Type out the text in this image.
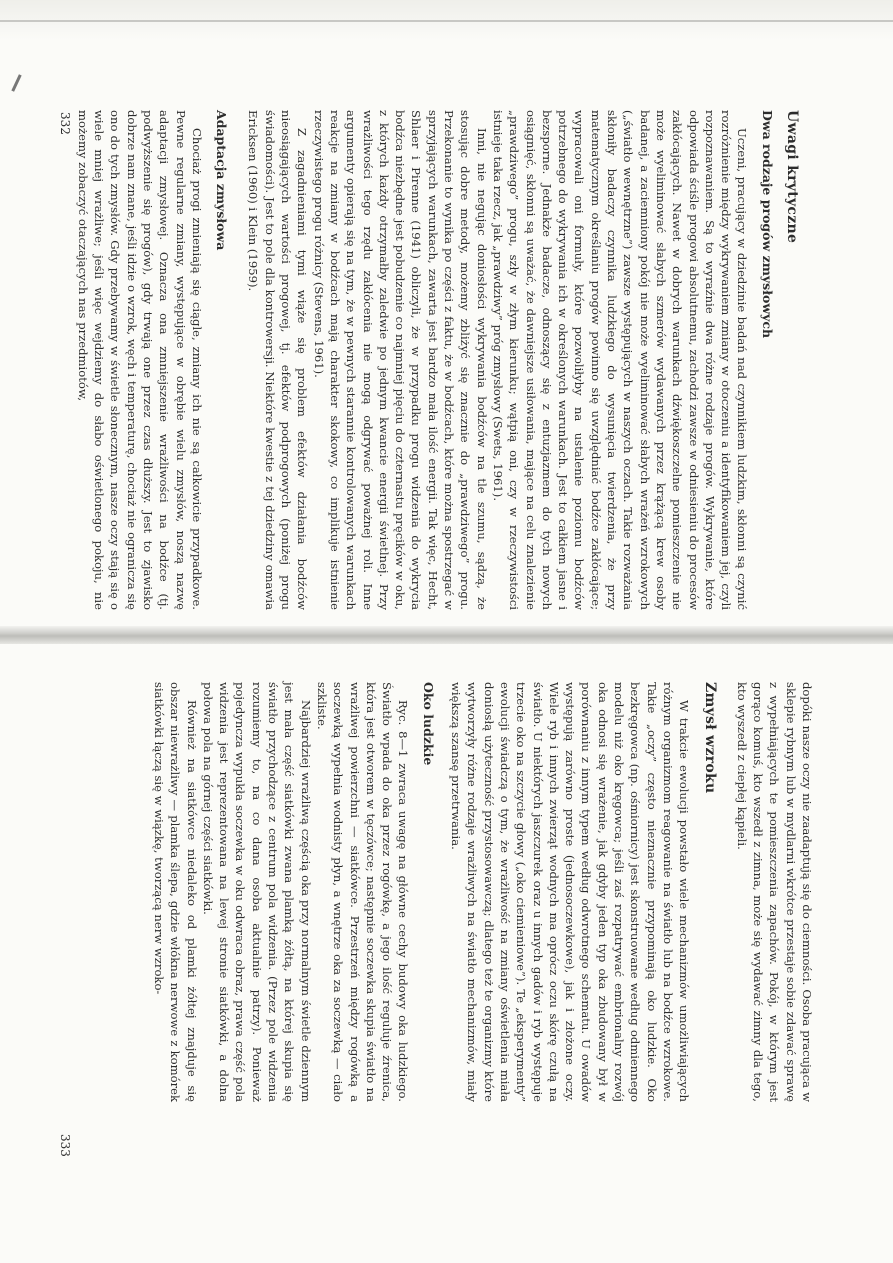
332
333
Uwagi krytyczne
Dwa rodzaje progów zmysłowych

Uczeni, pracujący w dziedzinie badań nad czynnikiem ludzkim, skłonni są czynić rozróżnienie między wykrywaniem zmiany w otoczeniu a identyfikowaniem jej, czyli rozpoznawaniem. Są to wyraźnie dwa różne rodzaje progów. Wykrywanie, które odpowiada ściśle progowi absolutnemu, zachodzi zawsze w odniesieniu do procesów zakłócających. Nawet w dobrych warunkach dźwiękoszczelne pomieszczenie nie może wyeliminować słabych szmerów wydawanych przez krążącą krew osoby badanej, a zaciemniony pokój nie może wyeliminować słabych wrażeń wzrokowych („światło wewnętrzne”) zawsze występujących w naszych oczach. Takie rozważania skłoniły badaczy czynnika ludzkiego do wysunięcia twierdzenia, że przy matematycznym określaniu progów powinno się uwzględniać bodźce zakłócające; wypracowali oni formuły, które pozwoliłyby na ustalenie poziomu bodźców potrzebnego do wykrywania ich w określonych warunkach. Jest to całkiem jasne i bezsporne. Jednakże badacze, odnoszący się z entuzjazmem do tych nowych osiągnięć, skłonni są uważać, że dawniejsze usiłowania, mające na celu znalezienie „prawdziwego” progu, szły w złym kierunku; wątpią oni, czy w rzeczywistości istnieje taka rzecz, jak „prawdziwy” próg zmysłowy (Swets, 1961).

Inni, nie negując doniosłości wykrywania bodźców na tle szumu, sądzą, że stosując dobre metody, możemy zbliżyć się znacznie do „prawdziwego” progu. Przekonanie to wynika po części z faktu, że w bodźcach, które można spostrzegać w sprzyjających warunkach, zawarta jest bardzo mała ilość energii. Tak więc, Hecht, Shlaer i Pirenne (1941) obliczyli, że w przypadku progu widzenia do wykrycia bodźca niezbędne jest pobudzenie co najmniej pięciu do czternastu pręcików w oku, z których każdy otrzymałby zaledwie po jednym kwancie energii świetlnej. Przy wrażliwości tego rzędu zakłócenia nie mogą odgrywać poważnej roli. Inne argumenty opierają się na tym, że w pewnych starannie kontrolowanych warunkach reakcje na zmiany w bodźcach mają charakter skokowy, co implikuje istnienie rzeczywistego progu różnicy (Stevens, 1961).

Z zagadnieniami tymi wiąże się problem efektów działania bodźców nieosiągających wartości progowej, tj. efektów podprogowych (poniżej progu świadomości). Jest to pole dla kontrowersji. Niektóre kwestie z tej dziedziny omawia Ericksen (1960) i Klein (1959).

Adaptacja zmysłowa

Chociaż progi zmieniają się ciągle, zmiany ich nie są całkowicie przypadkowe. Pewne regularne zmiany, występujące w obrębie wielu zmysłów, noszą nazwę adaptacji zmysłowej. Oznacza ona zmniejszenie wrażliwości na bodźce (tj. podwyższenie się progów), gdy trwają one przez czas dłuższy. Jest to zjawisko dobrze nam znane, jeśli idzie o wzrok, węch i temperaturę, chociaż nie ogranicza się ono do tych zmysłów. Gdy przebywamy w świetle słonecznym, nasze oczy stają się o wiele mniej wrażliwe; jeśli więc wejdziemy do słabo oświetlonego pokoju, nie możemy zobaczyć otaczających nas przedmiotów,

dopóki nasze oczy nie zaadaptują się do ciemności. Osoba pracująca w sklepie rybnym lub w mydlarni wkrótce przestaje sobie zdawać sprawę z wypełniających te pomieszczenia zapachów. Pokój, w którym jest gorąco komuś, kto wszedł z zimna, może się wydawać zimny dla tego, kto wyszedł z ciepłej kąpieli.

Zmysł wzroku

W trakcie ewolucji powstało wiele mechanizmów umożliwiających różnym organizmom reagowanie na światło lub na bodźce wzrokowe. Takie „oczy” często nieznacznie przypominają oko ludzkie. Oko bezkręgowca (np. ośmiornicy) jest skonstruowane według odmiennego modelu niż oko kręgowca; jeśli zaś rozpatrywać embrionalny rozwój oka odnosi się wrażenie, jak gdyby jeden typ oka zbudowany był w porównaniu z innym typem według odwrotnego schematu. U owadów występują zarówno proste (jednosoczewkowe), jak i złożone oczy. Wiele ryb i innych zwierząt wodnych ma oprócz oczu skórę czułą na światło. U niektórych jaszczurek oraz u innych gadów i ryb występuje trzecie oko na szczycie głowy („oko ciemieniowe”). Te „eksperymenty” ewolucji świadczą o tym, że wrażliwość na zmiany oświetlenia miała doniosłą użyteczność przystosowawczą; dlatego też te organizmy które wytworzyły różne rodzaje wrażliwych na światło mechanizmów, miały większą szansę przetrwania.

Oko ludzkie

Ryc. 8—1 zwraca uwagę na główne cechy budowy oka ludzkiego. Światło wpada do oka przez rogówkę, a jego ilość reguluje źrenica, która jest otworem w tęczówce; następnie soczewka skupia światło na wrażliwej powierzchni — siatkówce. Przestrzeń między rogówką a soczewką wypełnia wodnisty płyn, a wnętrze oka za soczewką — ciało szkliste.

Najbardziej wrażliwą częścią oka przy normalnym świetle dziennym jest mała część siatkówki zwana plamką żółtą, na której skupia się światło przychodzące z centrum pola widzenia. (Przez pole widzenia rozumiemy to, na co dana osoba aktualnie patrzy). Ponieważ pojedyncza wypukła soczewka w oku odwraca obraz, prawa część pola widzenia jest reprezentowana na lewej stronie siatkówki, a dolna połowa pola na górnej części siatkówki.

Również na siatkówce niedaleko od plamki żółtej znajduje się obszar niewrażliwy — plamka ślepa, gdzie włókna nerwowe z komórek siatkówki łączą się w wiązkę, tworzącą nerw wzroko-
